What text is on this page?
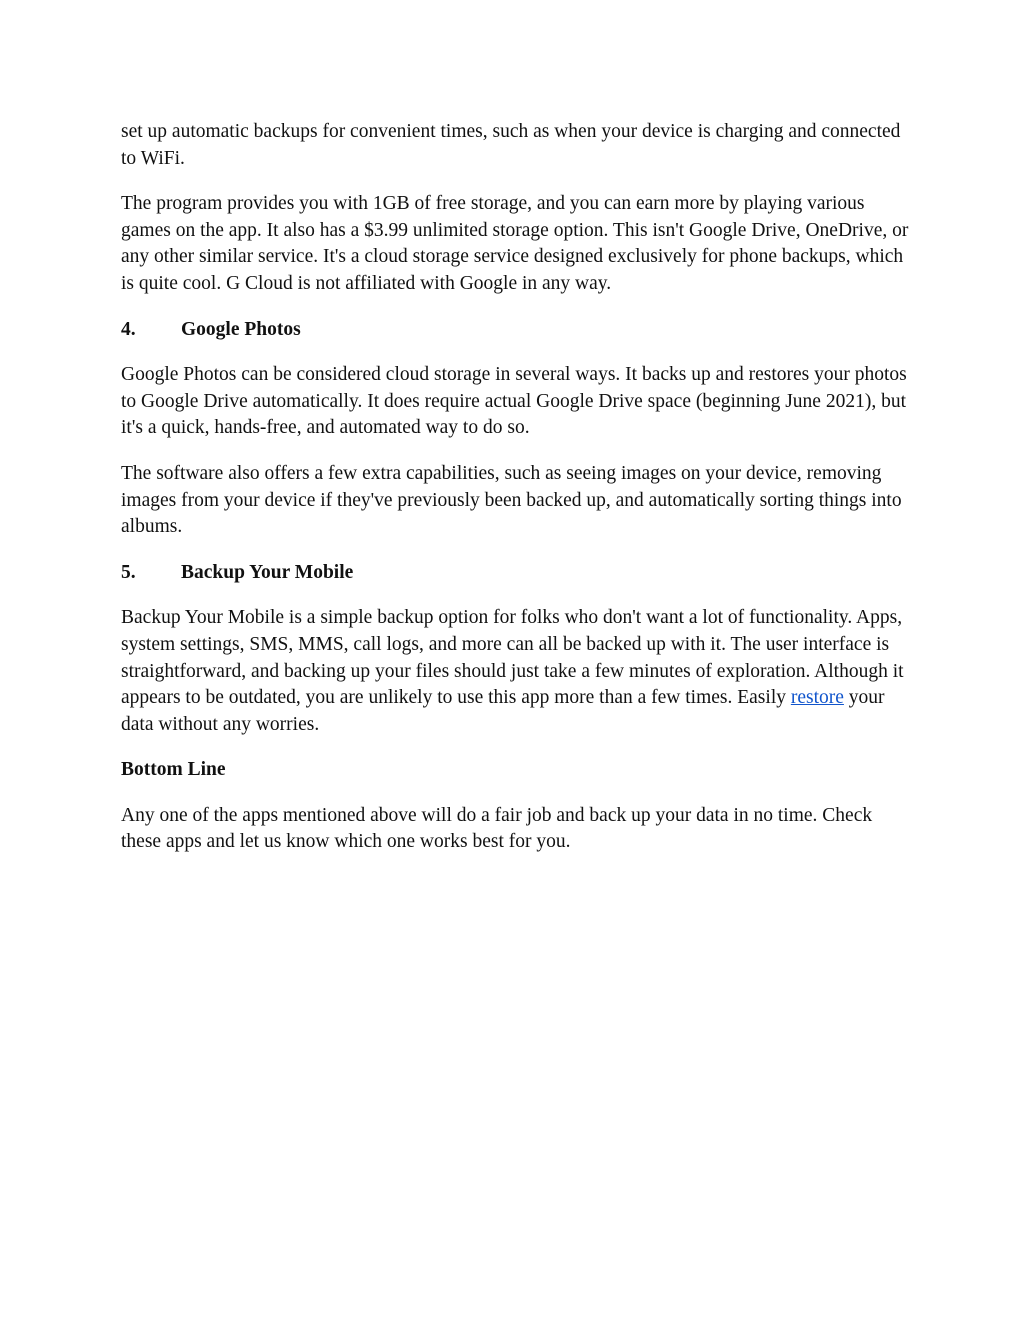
set up automatic backups for convenient times, such as when your device is charging and connected to WiFi.

The program provides you with 1GB of free storage, and you can earn more by playing various games on the app. It also has a $3.99 unlimited storage option. This isn't Google Drive, OneDrive, or any other similar service. It's a cloud storage service designed exclusively for phone backups, which is quite cool. G Cloud is not affiliated with Google in any way.

4.	Google Photos

Google Photos can be considered cloud storage in several ways. It backs up and restores your photos to Google Drive automatically. It does require actual Google Drive space (beginning June 2021), but it's a quick, hands-free, and automated way to do so.

The software also offers a few extra capabilities, such as seeing images on your device, removing images from your device if they've previously been backed up, and automatically sorting things into albums.

5.	Backup Your Mobile

Backup Your Mobile is a simple backup option for folks who don't want a lot of functionality. Apps, system settings, SMS, MMS, call logs, and more can all be backed up with it. The user interface is straightforward, and backing up your files should just take a few minutes of exploration. Although it appears to be outdated, you are unlikely to use this app more than a few times. Easily restore your data without any worries.

Bottom Line

Any one of the apps mentioned above will do a fair job and back up your data in no time. Check these apps and let us know which one works best for you.
